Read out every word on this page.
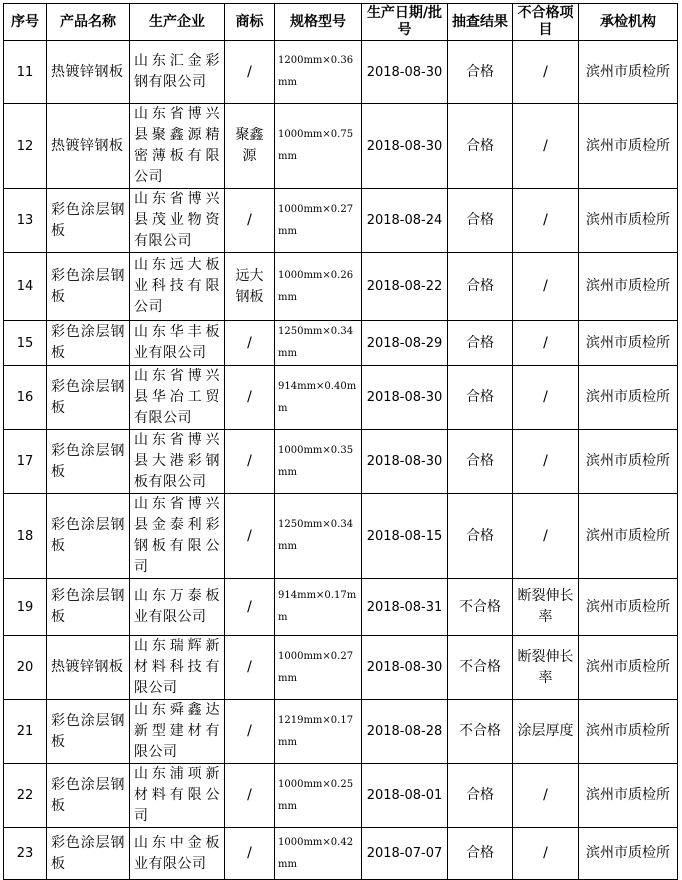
序号	产品名称	生产企业	商标	规格型号	生产日期/批号	抽查结果	不合格项目	承检机构
11	热镀锌钢板	山东汇金彩钢有限公司	/	1200mm×0.36mm	2018-08-30	合格	/	滨州市质检所
12	热镀锌钢板	山东省博兴县聚鑫源精密薄板有限公司	聚鑫源	1000mm×0.75mm	2018-08-30	合格	/	滨州市质检所
13	彩色涂层钢板	山东省博兴县茂业物资有限公司	/	1000mm×0.27mm	2018-08-24	合格	/	滨州市质检所
14	彩色涂层钢板	山东远大板业科技有限公司	远大钢板	1000mm×0.26mm	2018-08-22	合格	/	滨州市质检所
15	彩色涂层钢板	山东华丰板业有限公司	/	1250mm×0.34mm	2018-08-29	合格	/	滨州市质检所
16	彩色涂层钢板	山东省博兴县华冶工贸有限公司	/	914mm×0.40mm	2018-08-30	合格	/	滨州市质检所
17	彩色涂层钢板	山东省博兴县大港彩钢板有限公司	/	1000mm×0.35mm	2018-08-30	合格	/	滨州市质检所
18	彩色涂层钢板	山东省博兴县金泰利彩钢板有限公司	/	1250mm×0.34mm	2018-08-15	合格	/	滨州市质检所
19	彩色涂层钢板	山东万泰板业有限公司	/	914mm×0.17mm	2018-08-31	不合格	断裂伸长率	滨州市质检所
20	热镀锌钢板	山东瑞辉新材料科技有限公司	/	1000mm×0.27mm	2018-08-30	不合格	断裂伸长率	滨州市质检所
21	彩色涂层钢板	山东舜鑫达新型建材有限公司	/	1219mm×0.17mm	2018-08-28	不合格	涂层厚度	滨州市质检所
22	彩色涂层钢板	山东浦项新材料有限公司	/	1000mm×0.25mm	2018-08-01	合格	/	滨州市质检所
23	彩色涂层钢板	山东中金板业有限公司	/	1000mm×0.42mm	2018-07-07	合格	/	滨州市质检所
